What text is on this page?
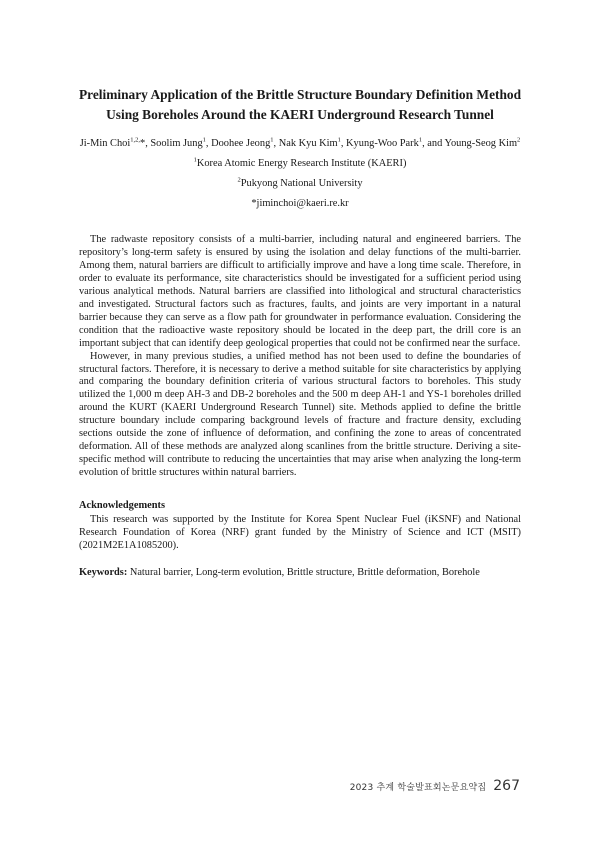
Preliminary Application of the Brittle Structure Boundary Definition Method
Using Boreholes Around the KAERI Underground Research Tunnel
Ji-Min Choi$^{1,2,}$*, Soolim Jung$^1$, Doohee Jeong$^1$, Nak Kyu Kim$^1$, Kyung-Woo Park$^1$, and Young-Seog Kim$^2$
$^1$Korea Atomic Energy Research Institute (KAERI)
$^2$Pukyong National University
*jiminchoi@kaeri.re.kr

The radwaste repository consists of a multi-barrier, including natural and engineered barriers. The repository’s long-term safety is ensured by using the isolation and delay functions of the multi-barrier. Among them, natural barriers are difficult to artificially improve and have a long time scale. Therefore, in order to evaluate its performance, site characteristics should be investigated for a sufficient period using various analytical methods. Natural barriers are classified into lithological and structural characteristics and investigated. Structural factors such as fractures, faults, and joints are very important in a natural barrier because they can serve as a flow path for groundwater in performance evaluation. Considering the condition that the radioactive waste repository should be located in the deep part, the drill core is an important subject that can identify deep geological properties that could not be confirmed near the surface.

However, in many previous studies, a unified method has not been used to define the boundaries of structural factors. Therefore, it is necessary to derive a method suitable for site characteristics by applying and comparing the boundary definition criteria of various structural factors to boreholes. This study utilized the 1,000 m deep AH-3 and DB-2 boreholes and the 500 m deep AH-1 and YS-1 boreholes drilled around the KURT (KAERI Underground Research Tunnel) site. Methods applied to define the brittle structure boundary include comparing background levels of fracture and fracture density, excluding sections outside the zone of influence of deformation, and confining the zone to areas of concentrated deformation. All of these methods are analyzed along scanlines from the brittle structure. Deriving a site-specific method will contribute to reducing the uncertainties that may arise when analyzing the long-term evolution of brittle structures within natural barriers.

Acknowledgements

This research was supported by the Institute for Korea Spent Nuclear Fuel (iKSNF) and National Research Foundation of Korea (NRF) grant funded by the Ministry of Science and ICT (MSIT) (2021M2E1A1085200).

Keywords: Natural barrier, Long-term evolution, Brittle structure, Brittle deformation, Borehole
2023 추계 학술발표회논문요약집 267
